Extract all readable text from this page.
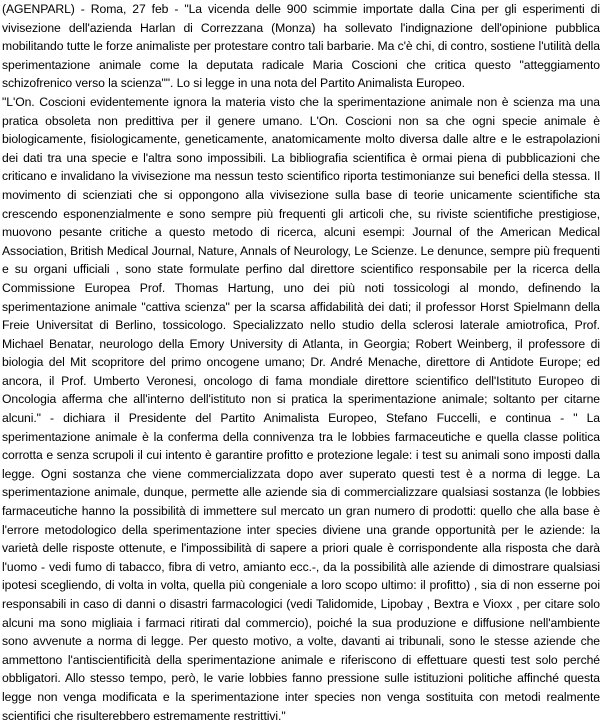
(AGENPARL) - Roma, 27 feb - "La vicenda delle 900 scimmie importate dalla Cina per gli esperimenti di vivisezione dell'azienda Harlan di Correzzana (Monza) ha sollevato l'indignazione dell'opinione pubblica mobilitando tutte le forze animaliste per protestare contro tali barbarie. Ma c'è chi, di contro, sostiene l'utilità della sperimentazione animale come la deputata radicale Maria Coscioni che critica questo "atteggiamento schizofrenico verso la scienza"". Lo si legge in una nota del Partito Animalista Europeo.

"L'On. Coscioni evidentemente ignora la materia visto che la sperimentazione animale non è scienza ma una pratica obsoleta non predittiva per il genere umano. L'On. Coscioni non sa che ogni specie animale è biologicamente, fisiologicamente, geneticamente, anatomicamente molto diversa dalle altre e le estrapolazioni dei dati tra una specie e l'altra sono impossibili. La bibliografia scientifica è ormai piena di pubblicazioni che criticano e invalidano la vivisezione ma nessun testo scientifico riporta testimonianze sui benefici della stessa. Il movimento di scienziati che si oppongono alla vivisezione sulla base di teorie unicamente scientifiche sta crescendo esponenzialmente e sono sempre più frequenti gli articoli che, su riviste scientifiche prestigiose, muovono pesante critiche a questo metodo di ricerca, alcuni esempi: Journal of the American Medical Association, British Medical Journal, Nature, Annals of Neurology, Le Scienze. Le denunce, sempre più frequenti e su organi ufficiali , sono state formulate perfino dal direttore scientifico responsabile per la ricerca della Commissione Europea Prof. Thomas Hartung, uno dei più noti tossicologi al mondo, definendo la sperimentazione animale "cattiva scienza" per la scarsa affidabilità dei dati; il professor Horst Spielmann della Freie Universitat di Berlino, tossicologo. Specializzato nello studio della sclerosi laterale amiotrofica, Prof. Michael Benatar, neurologo della Emory University di Atlanta, in Georgia; Robert Weinberg, il professore di biologia del Mit scopritore del primo oncogene umano; Dr. André Menache, direttore di Antidote Europe; ed ancora, il Prof. Umberto Veronesi, oncologo di fama mondiale direttore scientifico dell'Istituto Europeo di Oncologia afferma che all'interno dell'istituto non si pratica la sperimentazione animale; soltanto per citarne alcuni." - dichiara il Presidente del Partito Animalista Europeo, Stefano Fuccelli, e continua - " La sperimentazione animale è la conferma della connivenza tra le lobbies farmaceutiche e quella classe politica corrotta e senza scrupoli il cui intento è garantire profitto e protezione legale: i test su animali sono imposti dalla legge. Ogni sostanza che viene commercializzata dopo aver superato questi test è a norma di legge. La sperimentazione animale, dunque, permette alle aziende sia di commercializzare qualsiasi sostanza (le lobbies farmaceutiche hanno la possibilità di immettere sul mercato un gran numero di prodotti: quello che alla base è l'errore metodologico della sperimentazione inter species diviene una grande opportunità per le aziende: la varietà delle risposte ottenute, e l'impossibilità di sapere a priori quale è corrispondente alla risposta che darà l'uomo - vedi fumo di tabacco, fibra di vetro, amianto ecc.-, da la possibilità alle aziende di dimostrare qualsiasi ipotesi scegliendo, di volta in volta, quella più congeniale a loro scopo ultimo: il profitto) , sia di non esserne poi responsabili in caso di danni o disastri farmacologici (vedi Talidomide, Lipobay , Bextra e Vioxx , per citare solo alcuni ma sono migliaia i farmaci ritirati dal commercio), poiché la sua produzione e diffusione nell'ambiente sono avvenute a norma di legge. Per questo motivo, a volte, davanti ai tribunali, sono le stesse aziende che ammettono l'antiscientificità della sperimentazione animale e riferiscono di effettuare questi test solo perché obbligatori. Allo stesso tempo, però, le varie lobbies fanno pressione sulle istituzioni politiche affinché questa legge non venga modificata e la sperimentazione inter species non venga sostituita con metodi realmente scientifici che risulterebbero estremamente restrittivi."
